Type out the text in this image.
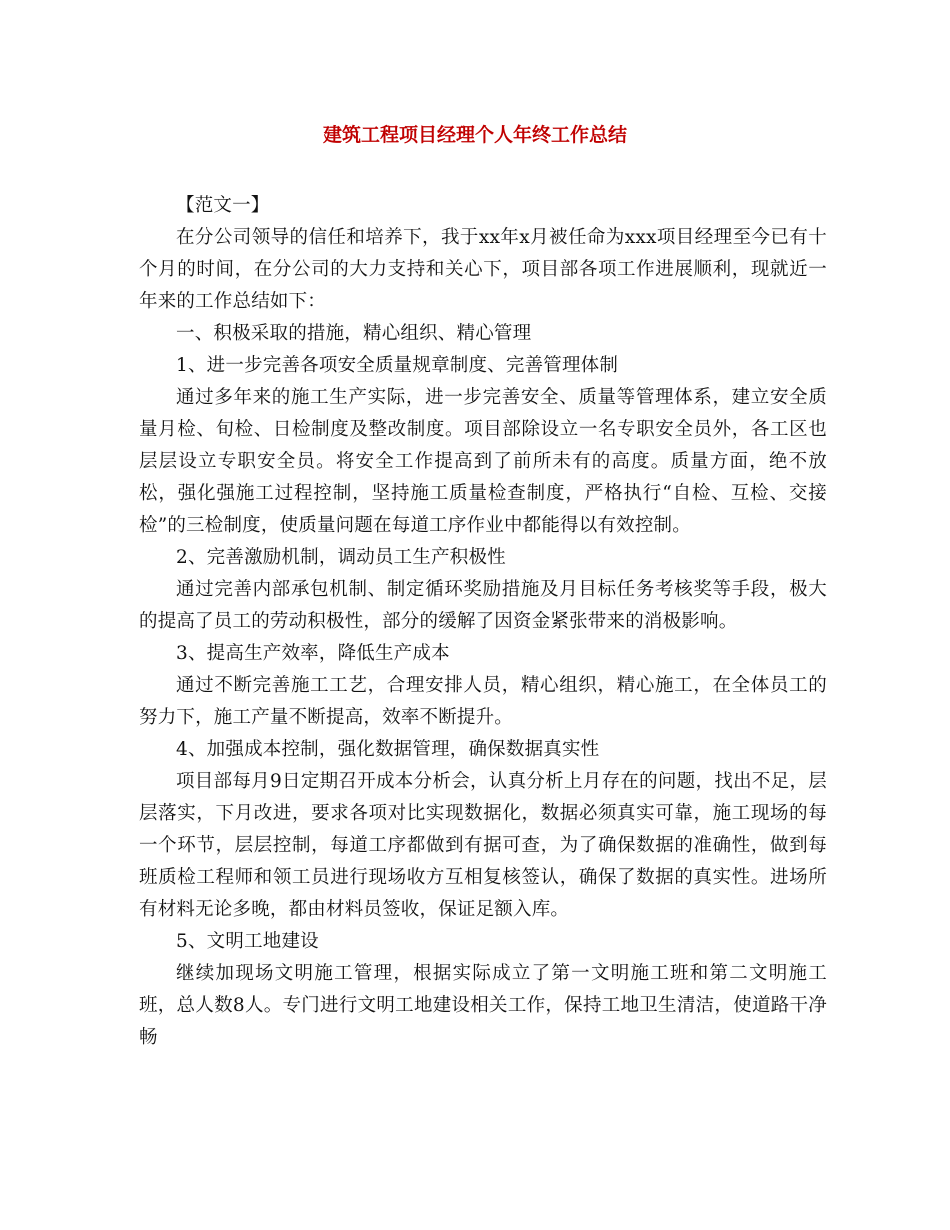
建筑工程项目经理个人年终工作总结

【范文一】

在分公司领导的信任和培养下，我于xx年x月被任命为xxx项目经理至今已有十个月的时间，在分公司的大力支持和关心下，项目部各项工作进展顺利，现就近一年来的工作总结如下：

一、积极采取的措施，精心组织、精心管理

1、进一步完善各项安全质量规章制度、完善管理体制

通过多年来的施工生产实际，进一步完善安全、质量等管理体系，建立安全质量月检、旬检、日检制度及整改制度。项目部除设立一名专职安全员外，各工区也层层设立专职安全员。将安全工作提高到了前所未有的高度。质量方面，绝不放松，强化强施工过程控制，坚持施工质量检查制度，严格执行“自检、互检、交接检”的三检制度，使质量问题在每道工序作业中都能得以有效控制。

2、完善激励机制，调动员工生产积极性

通过完善内部承包机制、制定循环奖励措施及月目标任务考核奖等手段，极大的提高了员工的劳动积极性，部分的缓解了因资金紧张带来的消极影响。

3、提高生产效率，降低生产成本

通过不断完善施工工艺，合理安排人员，精心组织，精心施工，在全体员工的努力下，施工产量不断提高，效率不断提升。

4、加强成本控制，强化数据管理，确保数据真实性

项目部每月9日定期召开成本分析会，认真分析上月存在的问题，找出不足，层层落实，下月改进，要求各项对比实现数据化，数据必须真实可靠，施工现场的每一个环节，层层控制，每道工序都做到有据可查，为了确保数据的准确性，做到每班质检工程师和领工员进行现场收方互相复核签认，确保了数据的真实性。进场所有材料无论多晚，都由材料员签收，保证足额入库。

5、文明工地建设

继续加现场文明施工管理，根据实际成立了第一文明施工班和第二文明施工班，总人数8人。专门进行文明工地建设相关工作，保持工地卫生清洁，使道路干净畅
